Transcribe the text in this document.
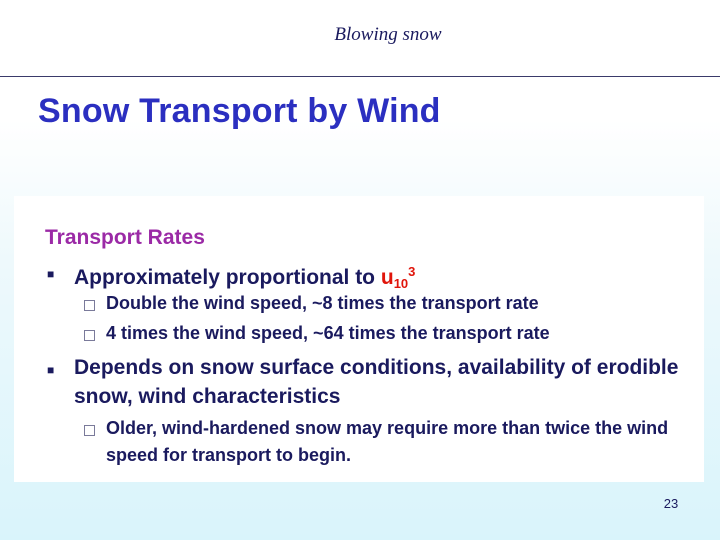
Blowing snow
Snow Transport by Wind
Transport Rates
■ Approximately proportional to $u_{10}^3$
Double the wind speed, ~8 times the transport rate
4 times the wind speed, ~64 times the transport rate
■ Depends on snow surface conditions, availability of erodible snow, wind characteristics
Older, wind-hardened snow may require more than twice the wind speed for transport to begin.
23
